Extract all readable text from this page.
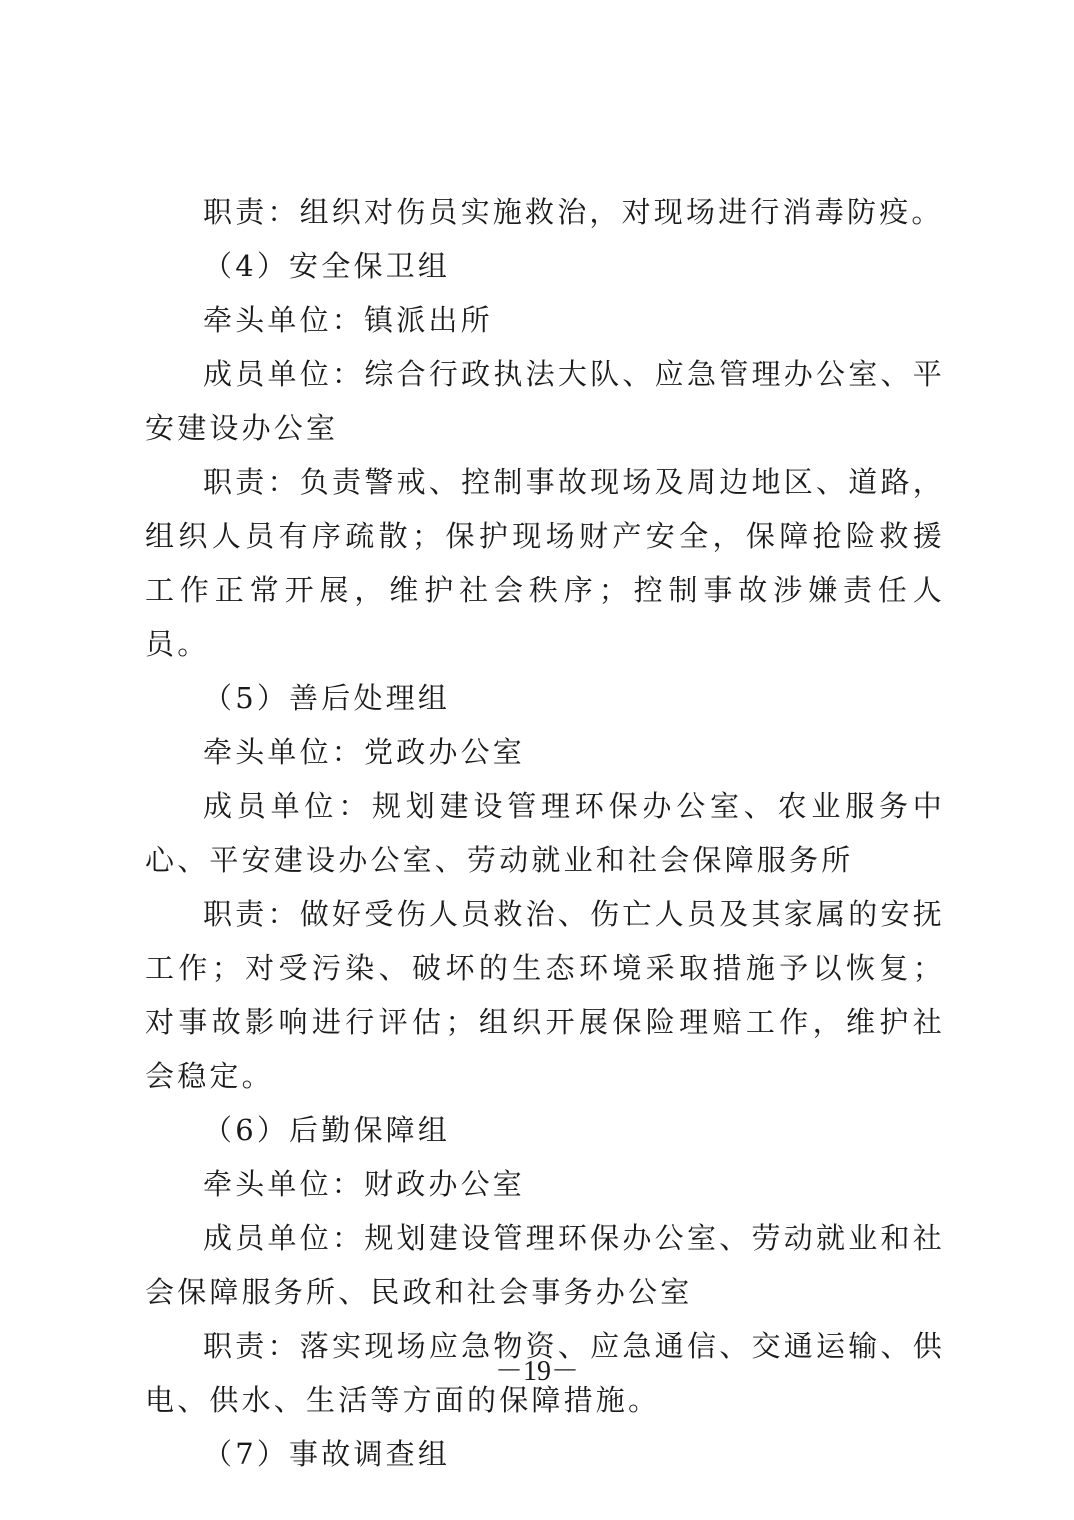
职责：组织对伤员实施救治，对现场进行消毒防疫。

（4）安全保卫组

牵头单位：镇派出所

成员单位：综合行政执法大队、应急管理办公室、平安建设办公室

职责：负责警戒、控制事故现场及周边地区、道路，组织人员有序疏散；保护现场财产安全，保障抢险救援工作正常开展，维护社会秩序；控制事故涉嫌责任人员。

（5）善后处理组

牵头单位：党政办公室

成员单位：规划建设管理环保办公室、农业服务中心、平安建设办公室、劳动就业和社会保障服务所

职责：做好受伤人员救治、伤亡人员及其家属的安抚工作；对受污染、破坏的生态环境采取措施予以恢复；对事故影响进行评估；组织开展保险理赔工作，维护社会稳定。

（6）后勤保障组

牵头单位：财政办公室

成员单位：规划建设管理环保办公室、劳动就业和社会保障服务所、民政和社会事务办公室

职责：落实现场应急物资、应急通信、交通运输、供电、供水、生活等方面的保障措施。

（7）事故调查组

－19－
